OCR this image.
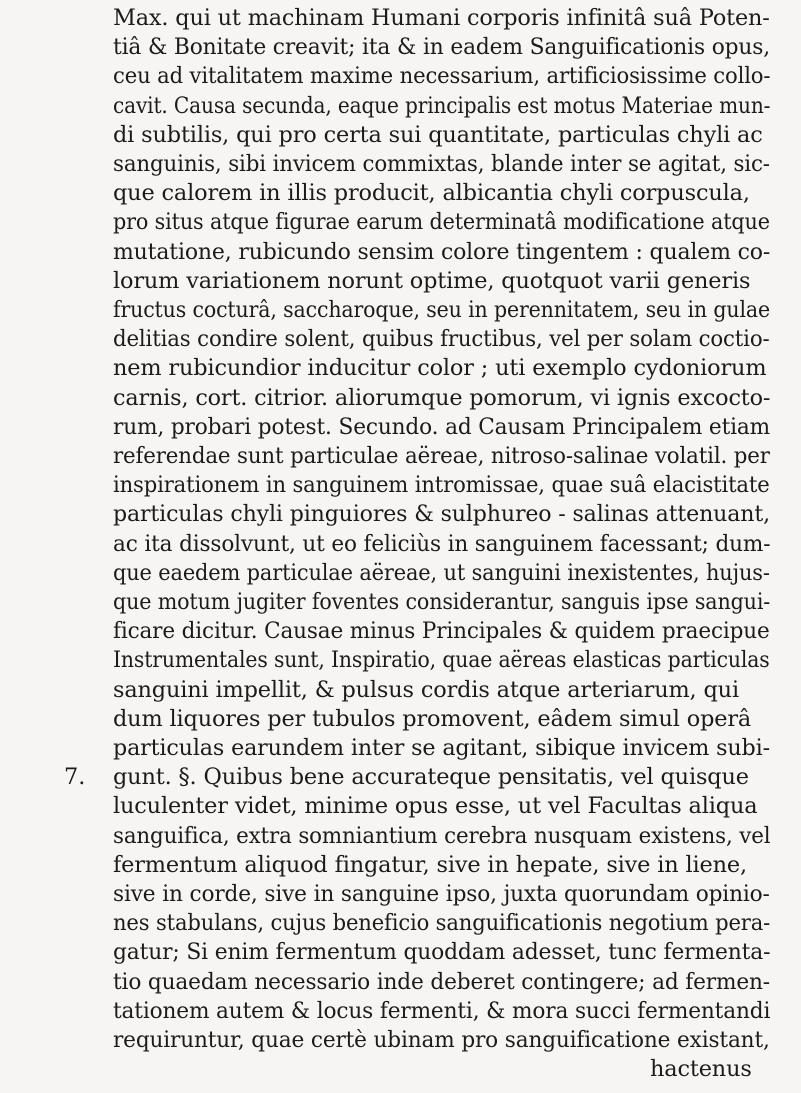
Max. qui ut machinam Humani corporis infinitâ suâ Poten-
tiâ & Bonitate creavit; ita & in eadem Sanguificationis opus,
ceu ad vitalitatem maxime necessarium, artificiosissime collo-
cavit. Causa secunda, eaque principalis est motus Materiae mun-
di subtilis, qui pro certa sui quantitate, particulas chyli ac
sanguinis, sibi invicem commixtas, blande inter se agitat, sic-
que calorem in illis producit, albicantia chyli corpuscula,
pro situs atque figurae earum determinatâ modificatione atque
mutatione, rubicundo sensim colore tingentem : qualem co-
lorum variationem norunt optime, quotquot varii generis
fructus cocturâ, saccharoque, seu in perennitatem, seu in gulae
delitias condire solent, quibus fructibus, vel per solam coctio-
nem rubicundior inducitur color ; uti exemplo cydoniorum
carnis, cort. citrior. aliorumque pomorum, vi ignis excocto-
rum, probari potest. Secundo. ad Causam Principalem etiam
referendae sunt particulae aëreae, nitroso-salinae volatil. per
inspirationem in sanguinem intromissae, quae suâ elacistitate
particulas chyli pinguiores & sulphureo - salinas attenuant,
ac ita dissolvunt, ut eo feliciùs in sanguinem facessant; dum-
que eaedem particulae aëreae, ut sanguini inexistentes, hujus-
que motum jugiter foventes considerantur, sanguis ipse sangui-
ficare dicitur. Causae minus Principales & quidem praecipue
Instrumentales sunt, Inspiratio, quae aëreas elasticas particulas
sanguini impellit, & pulsus cordis atque arteriarum, qui
dum liquores per tubulos promovent, eâdem simul operâ
particulas earundem inter se agitant, sibique invicem subi-
gunt. §. Quibus bene accurateque pensitatis, vel quisque
luculenter videt, minime opus esse, ut vel Facultas aliqua
sanguifica, extra somniantium cerebra nusquam existens, vel
fermentum aliquod fingatur, sive in hepate, sive in liene,
sive in corde, sive in sanguine ipso, juxta quorundam opinio-
nes stabulans, cujus beneficio sanguificationis negotium pera-
gatur; Si enim fermentum quoddam adesset, tunc fermenta-
tio quaedam necessario inde deberet contingere; ad fermen-
tationem autem & locus fermenti, & mora succi fermentandi
requiruntur, quae certè ubinam pro sanguificatione existant,
hactenus
7.
